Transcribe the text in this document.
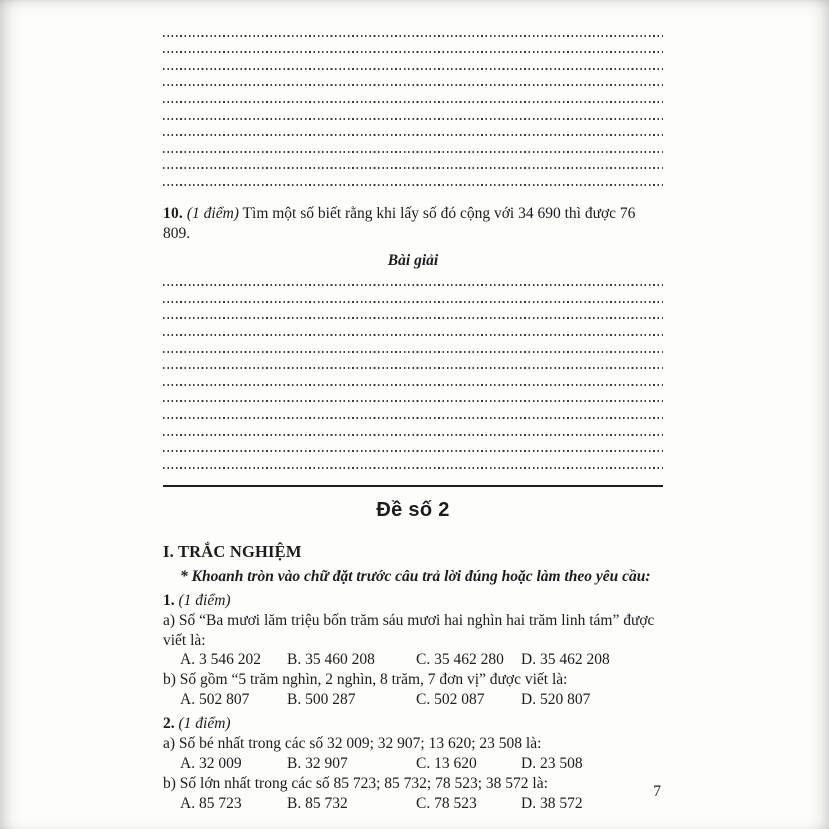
10. (1 điểm) Tìm một số biết rằng khi lấy số đó cộng với 34 690 thì được 76 809.

Bài giải

Đề số 2
I. TRẮC NGHIỆM

* Khoanh tròn vào chữ đặt trước câu trả lời đúng hoặc làm theo yêu cầu:

1. (1 điểm)

a) Số “Ba mươi lăm triệu bốn trăm sáu mươi hai nghìn hai trăm linh tám” được viết là:

A. 3 546 202	B. 35 460 208	C. 35 462 280	D. 35 462 208

b) Số gồm “5 trăm nghìn, 2 nghìn, 8 trăm, 7 đơn vị” được viết là:

A. 502 807	B. 500 287	C. 502 087	D. 520 807

2. (1 điểm)

a) Số bé nhất trong các số 32 009; 32 907; 13 620; 23 508 là:

A. 32 009	B. 32 907	C. 13 620	D. 23 508

b) Số lớn nhất trong các số 85 723; 85 732; 78 523; 38 572 là:

A. 85 723	B. 85 732	C. 78 523	D. 38 572
7
